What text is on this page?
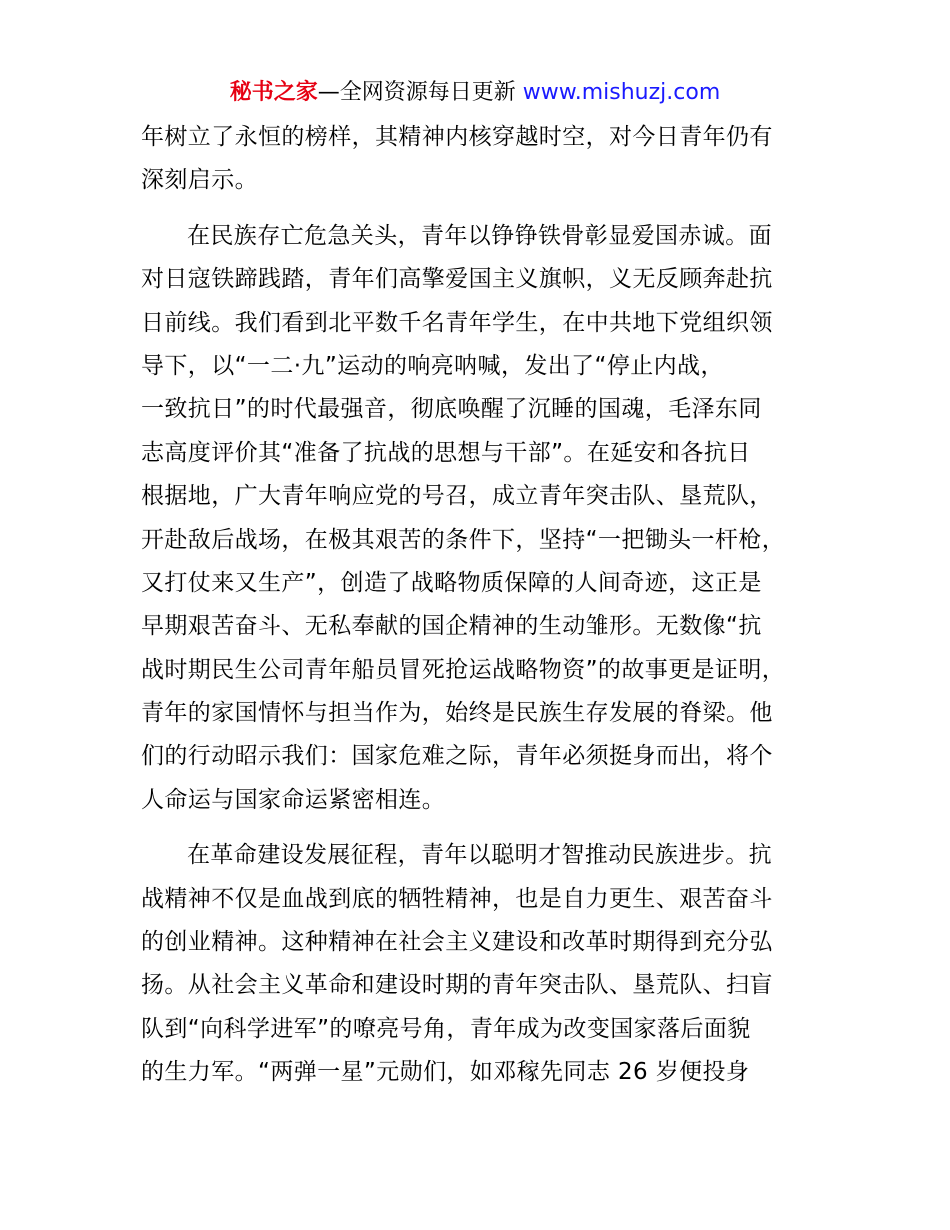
秘书之家—全网资源每日更新 www.mishuzj.com
年树立了永恒的榜样，其精神内核穿越时空，对今日青年仍有
深刻启示。
在民族存亡危急关头，青年以铮铮铁骨彰显爱国赤诚。面
对日寇铁蹄践踏，青年们高擎爱国主义旗帜，义无反顾奔赴抗
日前线。我们看到北平数千名青年学生，在中共地下党组织领
导下，以“一二·九”运动的响亮呐喊，发出了“停止内战，
一致抗日”的时代最强音，彻底唤醒了沉睡的国魂，毛泽东同
志高度评价其“准备了抗战的思想与干部”。在延安和各抗日
根据地，广大青年响应党的号召，成立青年突击队、垦荒队，
开赴敌后战场，在极其艰苦的条件下，坚持“一把锄头一杆枪，
又打仗来又生产”，创造了战略物质保障的人间奇迹，这正是
早期艰苦奋斗、无私奉献的国企精神的生动雏形。无数像“抗
战时期民生公司青年船员冒死抢运战略物资”的故事更是证明，
青年的家国情怀与担当作为，始终是民族生存发展的脊梁。他
们的行动昭示我们：国家危难之际，青年必须挺身而出，将个
人命运与国家命运紧密相连。
在革命建设发展征程，青年以聪明才智推动民族进步。抗
战精神不仅是血战到底的牺牲精神，也是自力更生、艰苦奋斗
的创业精神。这种精神在社会主义建设和改革时期得到充分弘
扬。从社会主义革命和建设时期的青年突击队、垦荒队、扫盲
队到“向科学进军”的嘹亮号角，青年成为改变国家落后面貌
的生力军。“两弹一星”元勋们，如邓稼先同志 26 岁便投身
